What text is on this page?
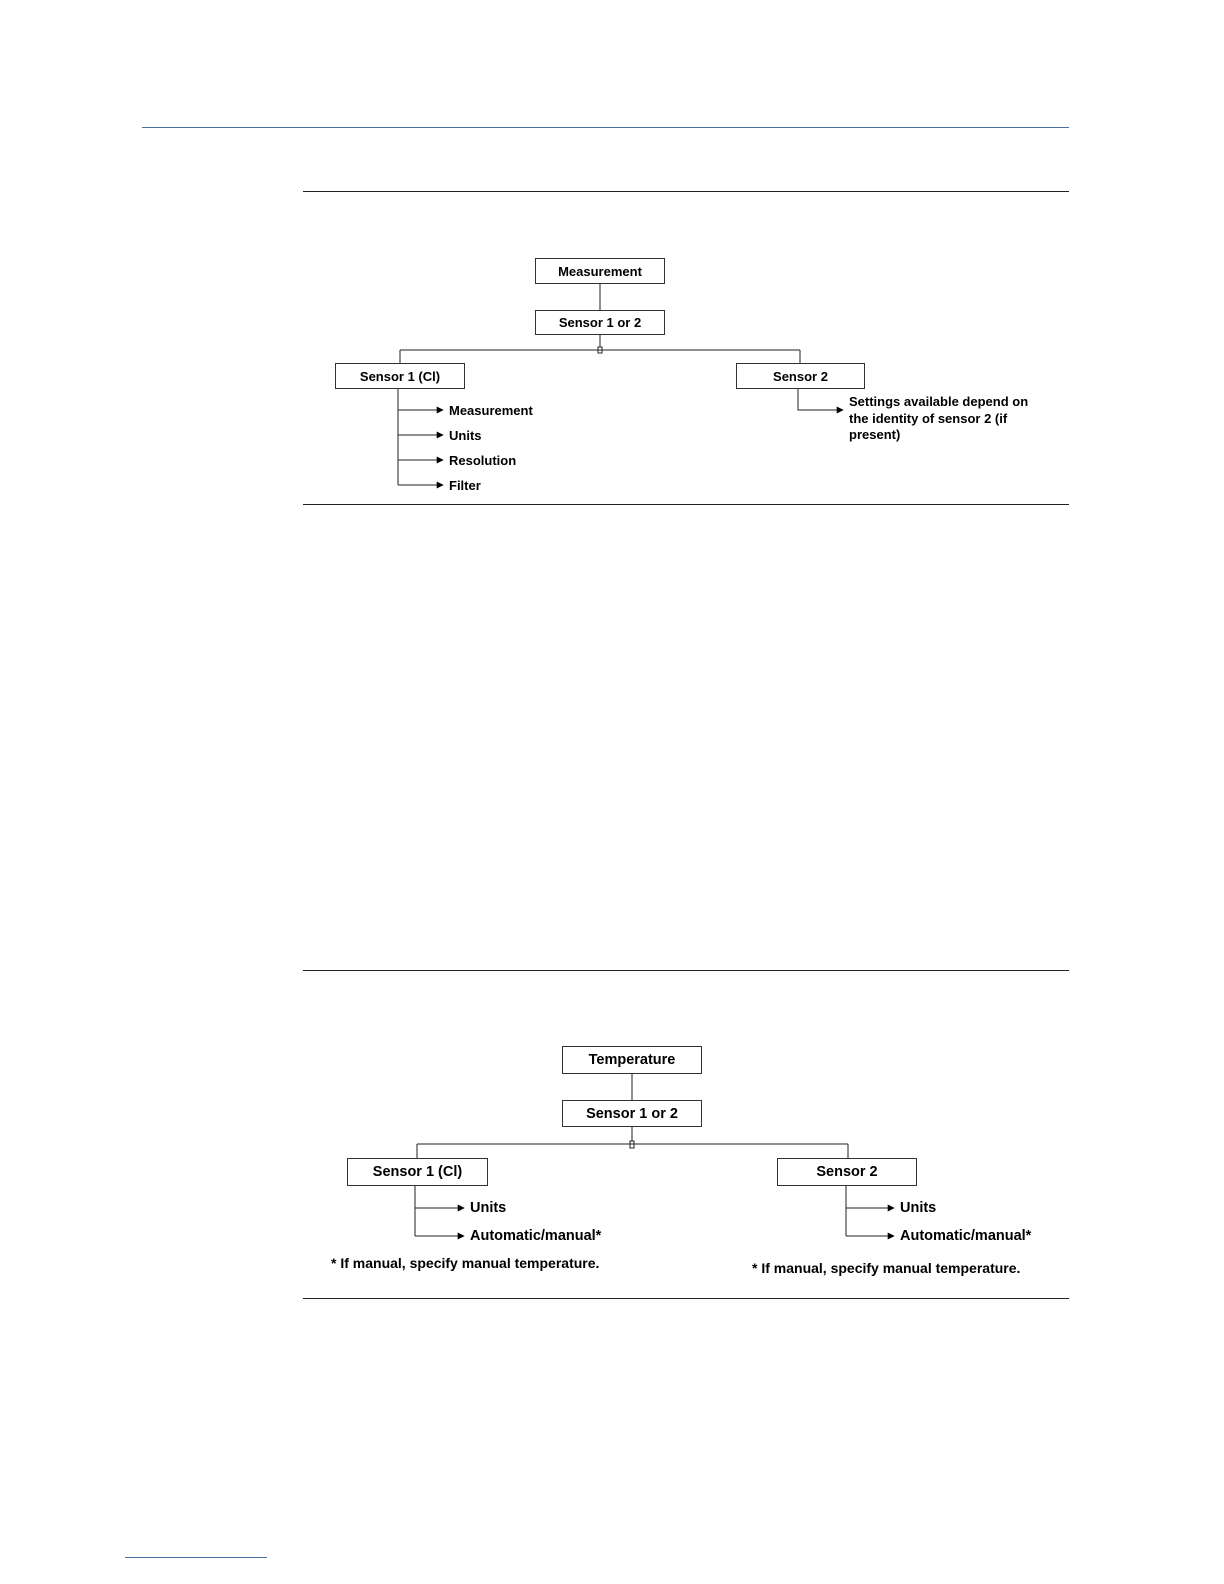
Measurement
Sensor 1 or 2
Sensor 1 (Cl)	Sensor 2
Measurement
Units
Resolution
Filter
Settings available depend on
the identity of sensor 2 (if
present)
Temperature
Sensor 1 or 2
Sensor 1 (Cl)	Sensor 2
Units
Automatic/manual*
Units
Automatic/manual*
* If manual, specify manual temperature.	* If manual, specify manual temperature.
